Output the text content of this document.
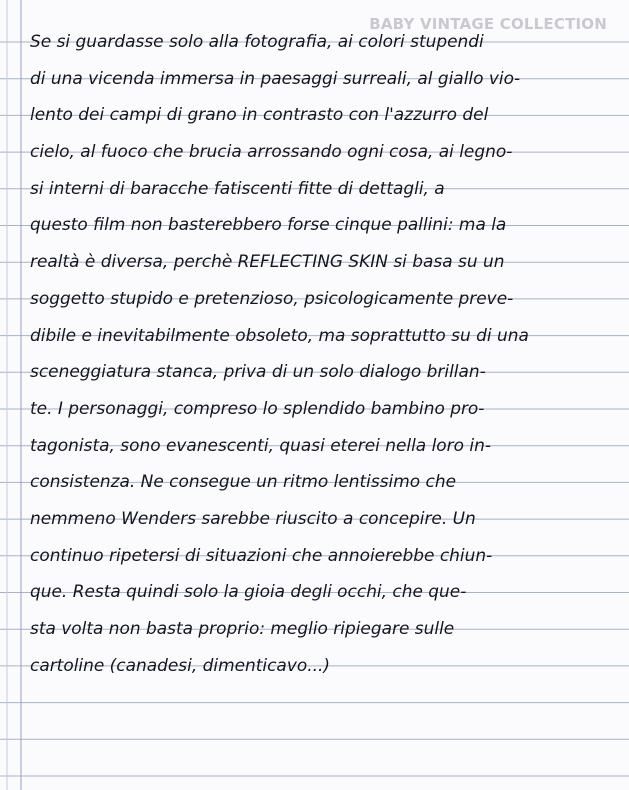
BABY VINTAGE COLLECTION
Se si guardasse solo alla fotografia, ai colori stupendi
di una vicenda immersa in paesaggi surreali, al giallo vio-
lento dei campi di grano in contrasto con l'azzurro del
cielo, al fuoco che brucia arrossando ogni cosa, ai legno-
si interni di baracche fatiscenti fitte di dettagli, a
questo film non basterebbero forse cinque pallini: ma la
realtà è diversa, perchè REFLECTING SKIN si basa su un
soggetto stupido e pretenzioso, psicologicamente preve-
dibile e inevitabilmente obsoleto, ma soprattutto su di una
sceneggiatura stanca, priva di un solo dialogo brillan-
te. I personaggi, compreso lo splendido bambino pro-
tagonista, sono evanescenti, quasi eterei nella loro in-
consistenza. Ne consegue un ritmo lentissimo che
nemmeno Wenders sarebbe riuscito a concepire. Un
continuo ripetersi di situazioni che annoierebbe chiun-
que. Resta quindi solo la gioia degli occhi, che que-
sta volta non basta proprio: meglio ripiegare sulle
cartoline (canadesi, dimenticavo...)
